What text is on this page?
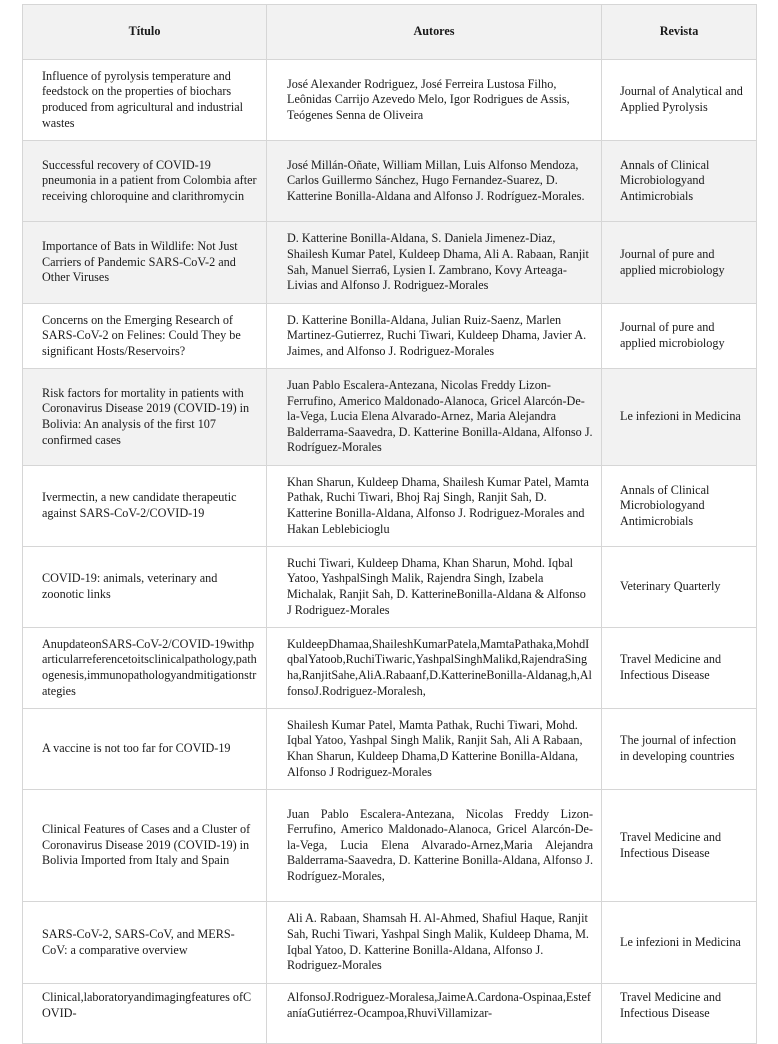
Título	Autores	Revista
Influence of pyrolysis temperature and feedstock on the properties of biochars produced from agricultural and industrial wastes	José Alexander Rodriguez, José Ferreira Lustosa Filho, Leônidas Carrijo Azevedo Melo, Igor Rodrigues de Assis, Teógenes Senna de Oliveira	Journal of Analytical and Applied Pyrolysis
Successful recovery of COVID-19 pneumonia in a patient from Colombia after receiving chloroquine and clarithromycin	José Millán-Oñate, William Millan, Luis Alfonso Mendoza, Carlos Guillermo Sánchez, Hugo Fernandez-Suarez, D. Katterine Bonilla-Aldana and Alfonso J. Rodríguez-Morales.	Annals of Clinical Microbiologyand Antimicrobials
Importance of Bats in Wildlife: Not Just Carriers of Pandemic SARS-CoV-2 and Other Viruses	D. Katterine Bonilla-Aldana, S. Daniela Jimenez-Diaz, Shailesh Kumar Patel, Kuldeep Dhama, Ali A. Rabaan, Ranjit Sah, Manuel Sierra6, Lysien I. Zambrano, Kovy Arteaga-Livias and Alfonso J. Rodriguez-Morales	Journal of pure and applied microbiology
Concerns on the Emerging Research of SARS-CoV-2 on Felines: Could They be significant Hosts/Reservoirs?	D. Katterine Bonilla-Aldana, Julian Ruiz-Saenz, Marlen Martinez-Gutierrez, Ruchi Tiwari, Kuldeep Dhama, Javier A. Jaimes, and Alfonso J. Rodriguez-Morales	Journal of pure and applied microbiology
Risk factors for mortality in patients with Coronavirus Disease 2019 (COVID-19) in Bolivia: An analysis of the first 107 confirmed cases	Juan Pablo Escalera-Antezana, Nicolas Freddy Lizon-Ferrufino, Americo Maldonado-Alanoca, Gricel Alarcón-De-la-Vega, Lucia Elena Alvarado-Arnez, Maria Alejandra Balderrama-Saavedra, D. Katterine Bonilla-Aldana, Alfonso J. Rodríguez-Morales	Le infezioni in Medicina
Ivermectin, a new candidate therapeutic against SARS-CoV-2/COVID-19	Khan Sharun, Kuldeep Dhama, Shailesh Kumar Patel, Mamta Pathak, Ruchi Tiwari, Bhoj Raj Singh, Ranjit Sah, D. Katterine Bonilla-Aldana, Alfonso J. Rodriguez-Morales and Hakan Leblebicioglu	Annals of Clinical Microbiologyand Antimicrobials
COVID-19: animals, veterinary and zoonotic links	Ruchi Tiwari, Kuldeep Dhama, Khan Sharun, Mohd. Iqbal Yatoo, YashpalSingh Malik, Rajendra Singh, Izabela Michalak, Ranjit Sah, D. KatterineBonilla-Aldana & Alfonso J Rodriguez-Morales	Veterinary Quarterly
AnupdateonSARS-CoV-2/COVID-19withparticularreferencetoitsclinicalpathology,pathogenesis,immunopathologyandmitigationstrategies	KuldeepDhamaa,ShaileshKumarPatela,MamtaPathaka,MohdIqbalYatoob,RuchiTiwaric,YashpalSinghMalikd,RajendraSinghа,RanjitSahe,AliA.Rabaanf,D.KatterineBonilla-Aldanag,h,AlfonsoJ.Rodriguez-Moralesh,	Travel Medicine and Infectious Disease
A vaccine is not too far for COVID-19	Shailesh Kumar Patel, Mamta Pathak, Ruchi Tiwari, Mohd. Iqbal Yatoo, Yashpal Singh Malik, Ranjit Sah, Ali A Rabaan, Khan Sharun, Kuldeep Dhama,D Katterine Bonilla-Aldana, Alfonso J Rodriguez-Morales	The journal of infection in developing countries
Clinical Features of Cases and a Cluster of Coronavirus Disease 2019 (COVID-19) in Bolivia Imported from Italy and Spain	Juan Pablo Escalera-Antezana, Nicolas Freddy Lizon-Ferrufino, Americo Maldonado-Alanoca, Gricel Alarcón-De-la-Vega, Lucia Elena Alvarado-Arnez,Maria Alejandra Balderrama-Saavedra, D. Katterine Bonilla-Aldana, Alfonso J. Rodríguez-Morales,	Travel Medicine and Infectious Disease
SARS-CoV-2, SARS-CoV, and MERS-CoV: a comparative overview	Ali A. Rabaan, Shamsah H. Al-Ahmed, Shafiul Haque, Ranjit Sah, Ruchi Tiwari, Yashpal Singh Malik, Kuldeep Dhama, M. Iqbal Yatoo, D. Katterine Bonilla-Aldana, Alfonso J. Rodriguez-Morales	Le infezioni in Medicina
Clinical,laboratoryandimagingfeatures ofCOVID-	AlfonsoJ.Rodriguez-Moralesa,JaimeA.Cardona-Ospinaa,EstefaníaGutiérrez-Ocampoa,RhuviVillamizar-	Travel Medicine and Infectious Disease
